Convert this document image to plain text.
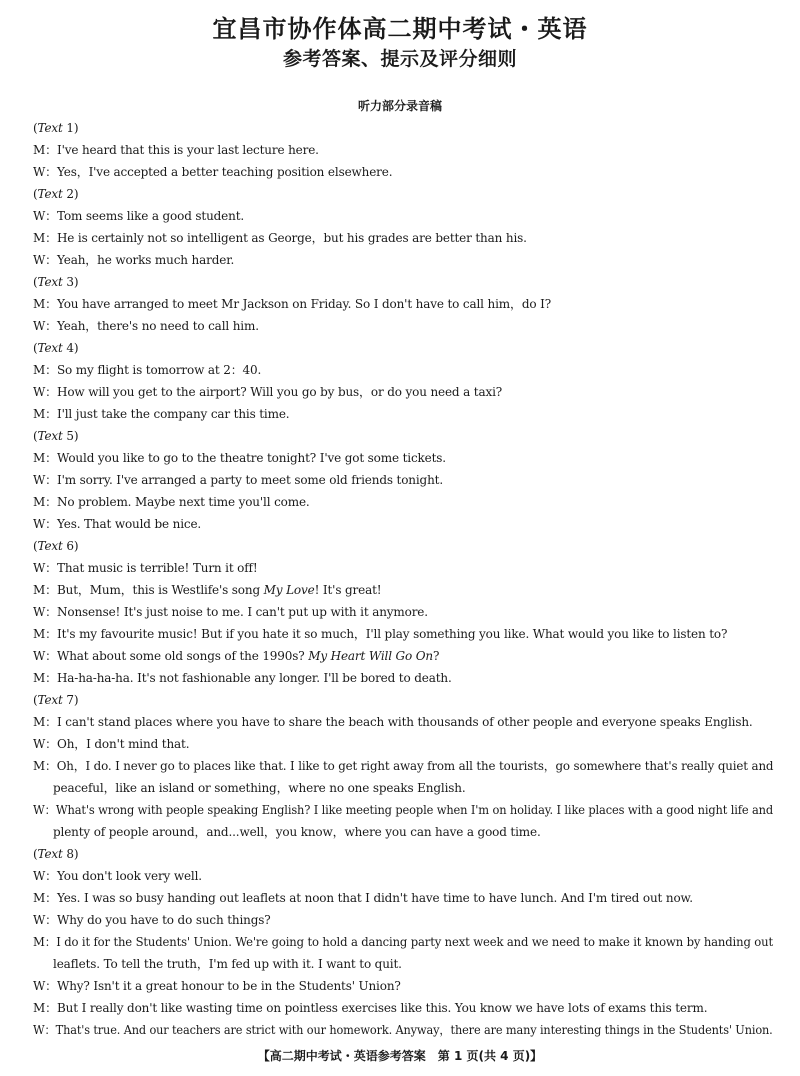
宜昌市协作体高二期中考试・英语
参考答案、提示及评分细则
听力部分录音稿
(Text 1)
M：I've heard that this is your last lecture here.
W：Yes，I've accepted a better teaching position elsewhere.
(Text 2)
W：Tom seems like a good student.
M：He is certainly not so intelligent as George，but his grades are better than his.
W：Yeah，he works much harder.
(Text 3)
M：You have arranged to meet Mr Jackson on Friday. So I don't have to call him，do I?
W：Yeah，there's no need to call him.
(Text 4)
M：So my flight is tomorrow at 2：40.
W：How will you get to the airport? Will you go by bus，or do you need a taxi?
M：I'll just take the company car this time.
(Text 5)
M：Would you like to go to the theatre tonight? I've got some tickets.
W：I'm sorry. I've arranged a party to meet some old friends tonight.
M：No problem. Maybe next time you'll come.
W：Yes. That would be nice.
(Text 6)
W：That music is terrible! Turn it off!
M：But，Mum，this is Westlife's song My Love! It's great!
W：Nonsense! It's just noise to me. I can't put up with it anymore.
M：It's my favourite music! But if you hate it so much，I'll play something you like. What would you like to listen to?
W：What about some old songs of the 1990s? My Heart Will Go On?
M：Ha-ha-ha-ha. It's not fashionable any longer. I'll be bored to death.
(Text 7)
M：I can't stand places where you have to share the beach with thousands of other people and everyone speaks English.
W：Oh，I don't mind that.
M：Oh，I do. I never go to places like that. I like to get right away from all the tourists，go somewhere that's really quiet and
peaceful，like an island or something，where no one speaks English.
W：What's wrong with people speaking English? I like meeting people when I'm on holiday. I like places with a good night life and
plenty of people around，and...well，you know，where you can have a good time.
(Text 8)
W：You don't look very well.
M：Yes. I was so busy handing out leaflets at noon that I didn't have time to have lunch. And I'm tired out now.
W：Why do you have to do such things?
M：I do it for the Students' Union. We're going to hold a dancing party next week and we need to make it known by handing out
leaflets. To tell the truth，I'm fed up with it. I want to quit.
W：Why? Isn't it a great honour to be in the Students' Union?
M：But I really don't like wasting time on pointless exercises like this. You know we have lots of exams this term.
W：That's true. And our teachers are strict with our homework. Anyway，there are many interesting things in the Students' Union.
【高二期中考试・英语参考答案　第 1 页(共 4 页)】
